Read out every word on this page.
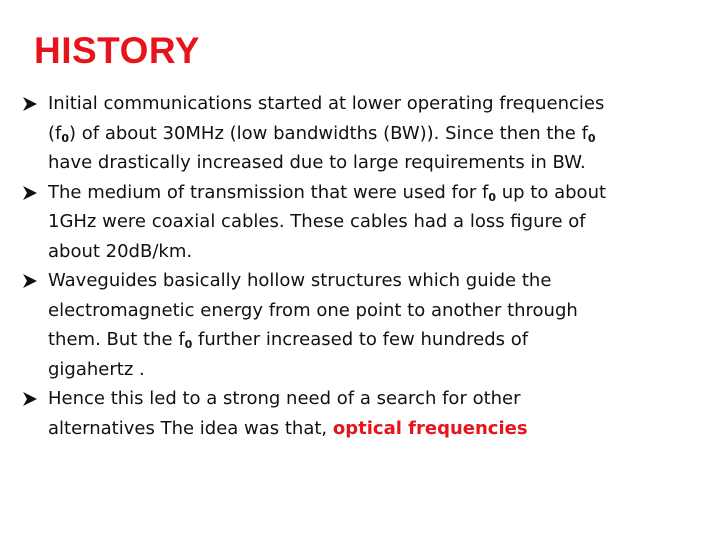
HISTORY
Initial communications started at lower operating frequencies
$(f_0)$ of about 30MHz (low bandwidths (BW)). Since then the $f_0$
have drastically increased due to large requirements in BW.
The medium of transmission that were used for $f_0$ up to about
1GHz were coaxial cables. These cables had a loss figure of
about 20dB/km.
Waveguides basically hollow structures which guide the
electromagnetic energy from one point to another through
them. But the $f_0$ further increased to few hundreds of
gigahertz .
Hence this led to a strong need of a search for other
alternatives The idea was that, optical frequencies
